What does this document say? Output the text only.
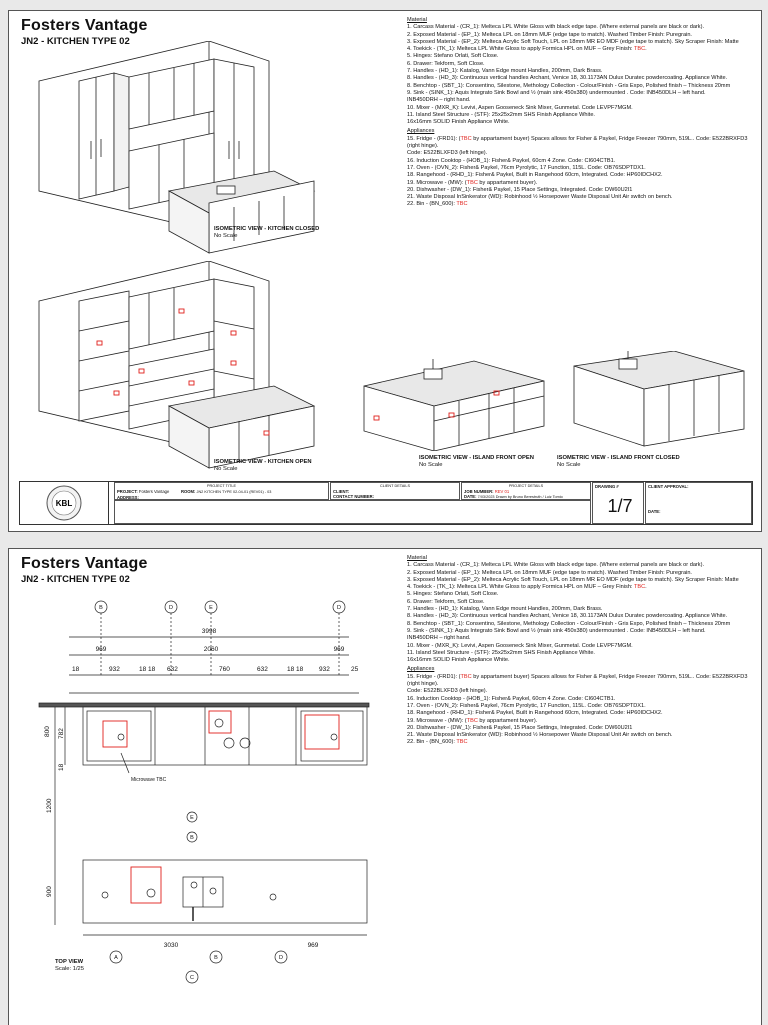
Fosters Vantage
JN2 - KITCHEN TYPE 02
Material
1. Carcass Material - (CR_1): Melteca LPL White Gloss with black edge tape. (Where external panels are black or dark).
2. Exposed Material - (EP_1): Melteca LPL on 18mm MUF (edge tape to match). Washed Timber Finish: Puregrain.
3. Exposed Material - (EP_2): Melteca Acrylic Soft Touch, LPL on 18mm MR EO MDF (edge tape to match). Sky Scraper Finish: Matte
4. Toekick - (TK_1): Melteca LPL White Gloss to apply Formica HPL on MUF – Grey Finish: TBC.
5. Hinges: Stefano Orlati, Soft Close.
6. Drawer: Tekform, Soft Close.
7. Handles - (HD_1): Katalog, Vann Edge mount Handles, 200mm, Dark Brass.
8. Handles - (HD_3): Continuous vertical handles Archant, Venice 18, 30.1173AN Dulux Duratec powdercoating. Appliance White.
8. Benchtop - (SBT_1): Consentino, Silestone, Methology Collection - Colour/Finish - Gris Expo, Polished finish – Thickness 20mm
9. Sink - (SINK_1): Aquis Integrato Sink Bowl and ½ (main sink 450x380) undermounted . Code: INB450DLH – left hand.
INB450DRH – right hand.
10. Mixer - (MXR_K): Levivi, Aspen Gooseneck Sink Mixer, Gunmetal. Code LEVPF7MGM.
11. Island Steel Structure - (STF): 25x25x2mm SHS Finish Appliance White.
16x16mm SOLID Finish Appliance White.
Appliances
15. Fridge - (FRD1): (TBC by appartament buyer) Spaces allows for Fisher & Paykel, Fridge Freezer 790mm, 519L.. Code: E522BRXFD3 (right hinge).
Code: E522BLXFD3 (left hinge).
16. Induction Cooktop - (HOB_1): Fisher& Paykel, 60cm 4 Zone. Code: CI604CTB1.
17. Oven - (OVN_2): Fisher& Paykel, 76cm Pyrolytic, 17 Function, 115L. Code: OB76SDPTDX1.
18. Rangehood - (RHD_1): Fisher& Paykel, Built in Rangehood 60cm, Integrated. Code: HP60IDCHX2.
19. Microwave - (MW): (TBC by appartament buyer).
20. Dishwasher - (DW_1): Fisher& Paykel, 15 Place Settings, Integrated. Code: DW60U2I1
21. Waste Disposal InSinkerator (WD): Robinhood ½ Horsepower Waste Disposal Unit Air switch on bench.
22. Bin - (BN_600): TBC
ISOMETRIC VIEW - KITCHEN CLOSED
No Scale
ISOMETRIC VIEW - KITCHEN OPEN
No Scale
ISOMETRIC VIEW - ISLAND FRONT OPEN
No Scale
ISOMETRIC VIEW - ISLAND FRONT CLOSED
No Scale
KBL
PROJECT TITLE
PROJECT: Fosters Vantage	ROOM: JN2 KITCHEN TYPE 02-04-01 (REV01) - 03
ADDRESS:
CLIENT DETAILS
CLIENT:
CONTACT NUMBER:
PROJECT DETAILS
JOB NUMBER: REV 01
DATE: 7/03/2023 Drawn by Bruno Berestruth / Luiz Tomio
DRAWING #
1/7
CLIENT APPROVAL:

DATE:
Fosters Vantage
JN2 - KITCHEN TYPE 02
Material
1. Carcass Material - (CR_1): Melteca LPL White Gloss with black edge tape. (Where external panels are black or dark).
2. Exposed Material - (EP_1): Melteca LPL on 18mm MUF (edge tape to match). Washed Timber Finish: Puregrain.
3. Exposed Material - (EP_2): Melteca Acrylic Soft Touch, LPL on 18mm MR EO MDF (edge tape to match). Sky Scraper Finish: Matte
4. Toekick - (TK_1): Melteca LPL White Gloss to apply Formica HPL on MUF – Grey Finish: TBC.
5. Hinges: Stefano Orlati, Soft Close.
6. Drawer: Tekform, Soft Close.
7. Handles - (HD_1): Katalog, Vann Edge mount Handles, 200mm, Dark Brass.
8. Handles - (HD_3): Continuous vertical handles Archant, Venice 18, 30.1173AN Dulux Duratec powdercoating. Appliance White.
8. Benchtop - (SBT_1): Consentino, Silestone, Methology Collection - Colour/Finish - Gris Expo, Polished finish – Thickness 20mm
9. Sink - (SINK_1): Aquis Integrato Sink Bowl and ½ (main sink 450x380) undermounted . Code: INB450DLH – left hand.
INB450DRH – right hand.
10. Mixer - (MXR_K): Levivi, Aspen Gooseneck Sink Mixer, Gunmetal. Code LEVPF7MGM.
11. Island Steel Structure - (STF): 25x25x2mm SHS Finish Appliance White.
16x16mm SOLID Finish Appliance White.
Appliances
15. Fridge - (FRD1): (TBC by appartament buyer) Spaces allows for Fisher & Paykel, Fridge Freezer 790mm, 519L.. Code: E522BRXFD3 (right hinge).
Code: E522BLXFD3 (left hinge).
16. Induction Cooktop - (HOB_1): Fisher& Paykel, 60cm 4 Zone. Code: CI604CTB1.
17. Oven - (OVN_2): Fisher& Paykel, 76cm Pyrolytic, 17 Function, 115L. Code: OB76SDPTDX1.
18. Rangehood - (RHD_1): Fisher& Paykel, Built in Rangehood 60cm, Integrated. Code: HP60IDCHX2.
19. Microwave - (MW): (TBC by appartament buyer).
20. Dishwasher - (DW_1): Fisher& Paykel, 15 Place Settings, Integrated. Code: DW60U2I1
21. Waste Disposal InSinkerator (WD): Robinhood ½ Horsepower Waste Disposal Unit Air switch on bench.
22. Bin - (BN_600): TBC
3998
969	2060	969
18	932	18 18 632	760	632	18 18 932	25
800 782
18
1200
900
3030	969
Microwave TBC
B	D	E	D
E
B
A	B
C
D
TOP VIEW
Scale: 1/25
